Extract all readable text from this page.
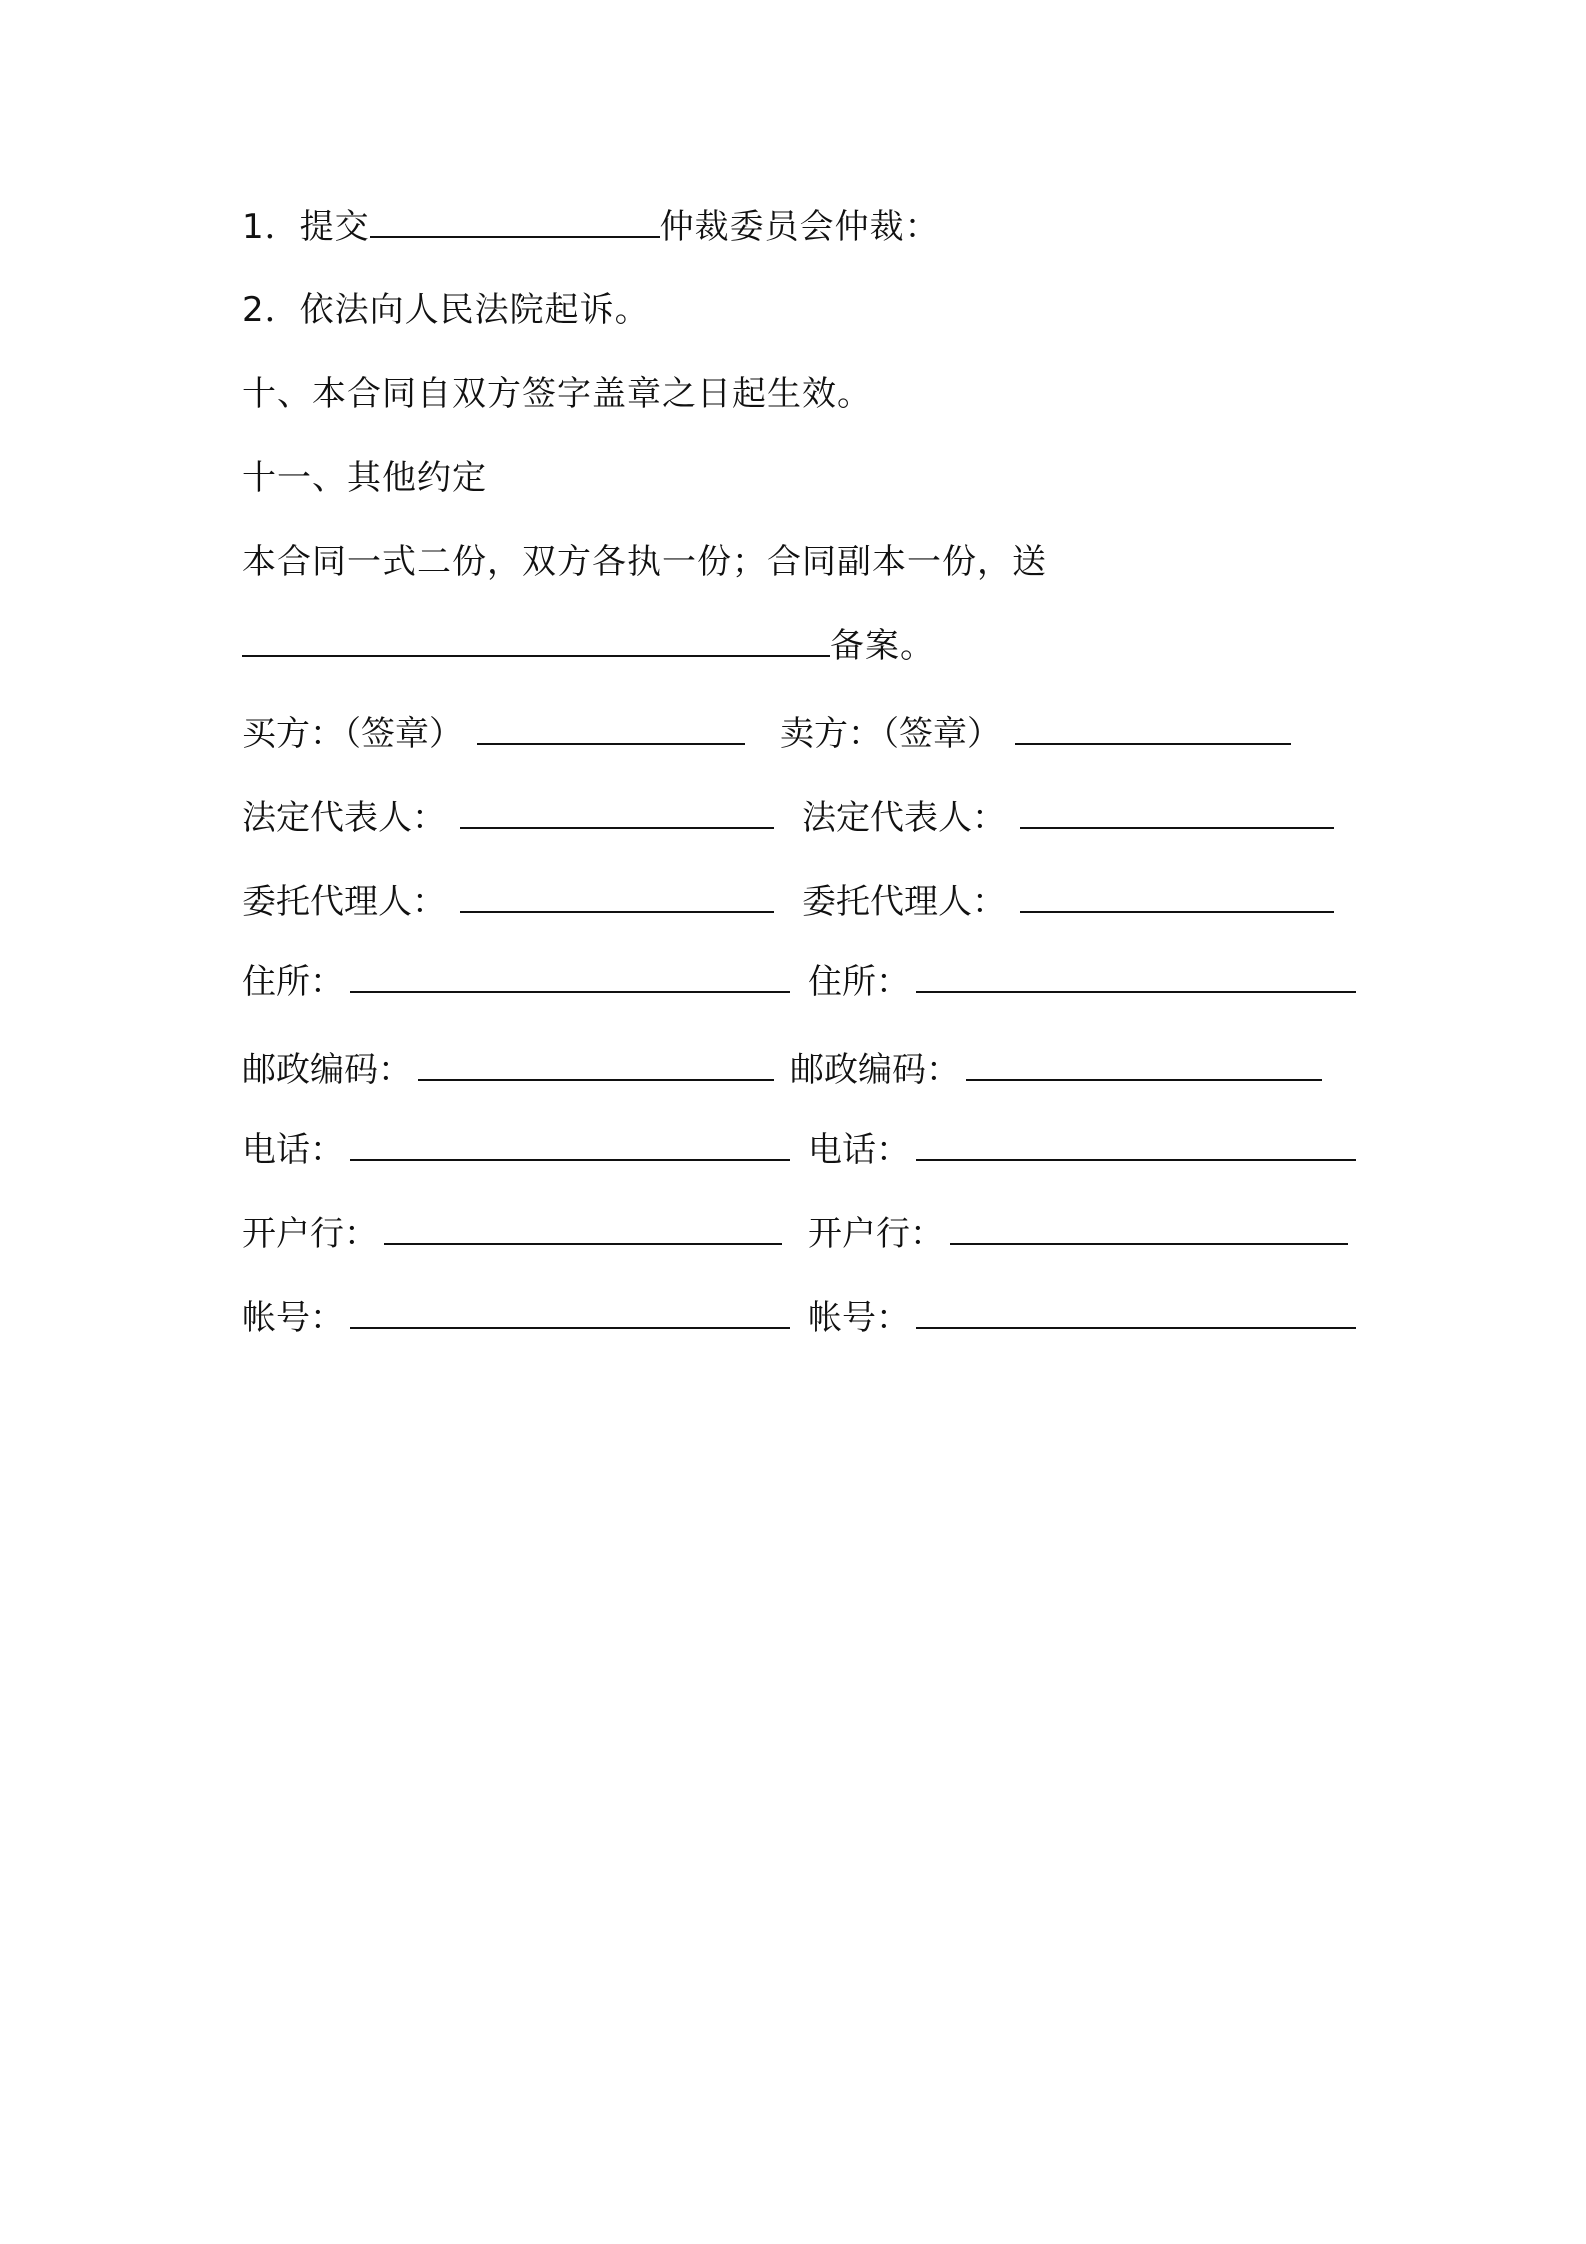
1．提交	仲裁委员会仲裁：
2．依法向人民法院起诉。
十、本合同自双方签字盖章之日起生效。
十一、其他约定
本合同一式二份，双方各执一份；合同副本一份，送
备案。
买方：（签章）	卖方：（签章）
法定代表人：	法定代表人：
委托代理人：	委托代理人：
住所：	住所：
邮政编码：	邮政编码：
电话：	电话：
开户行：	开户行：
帐号：	帐号：
